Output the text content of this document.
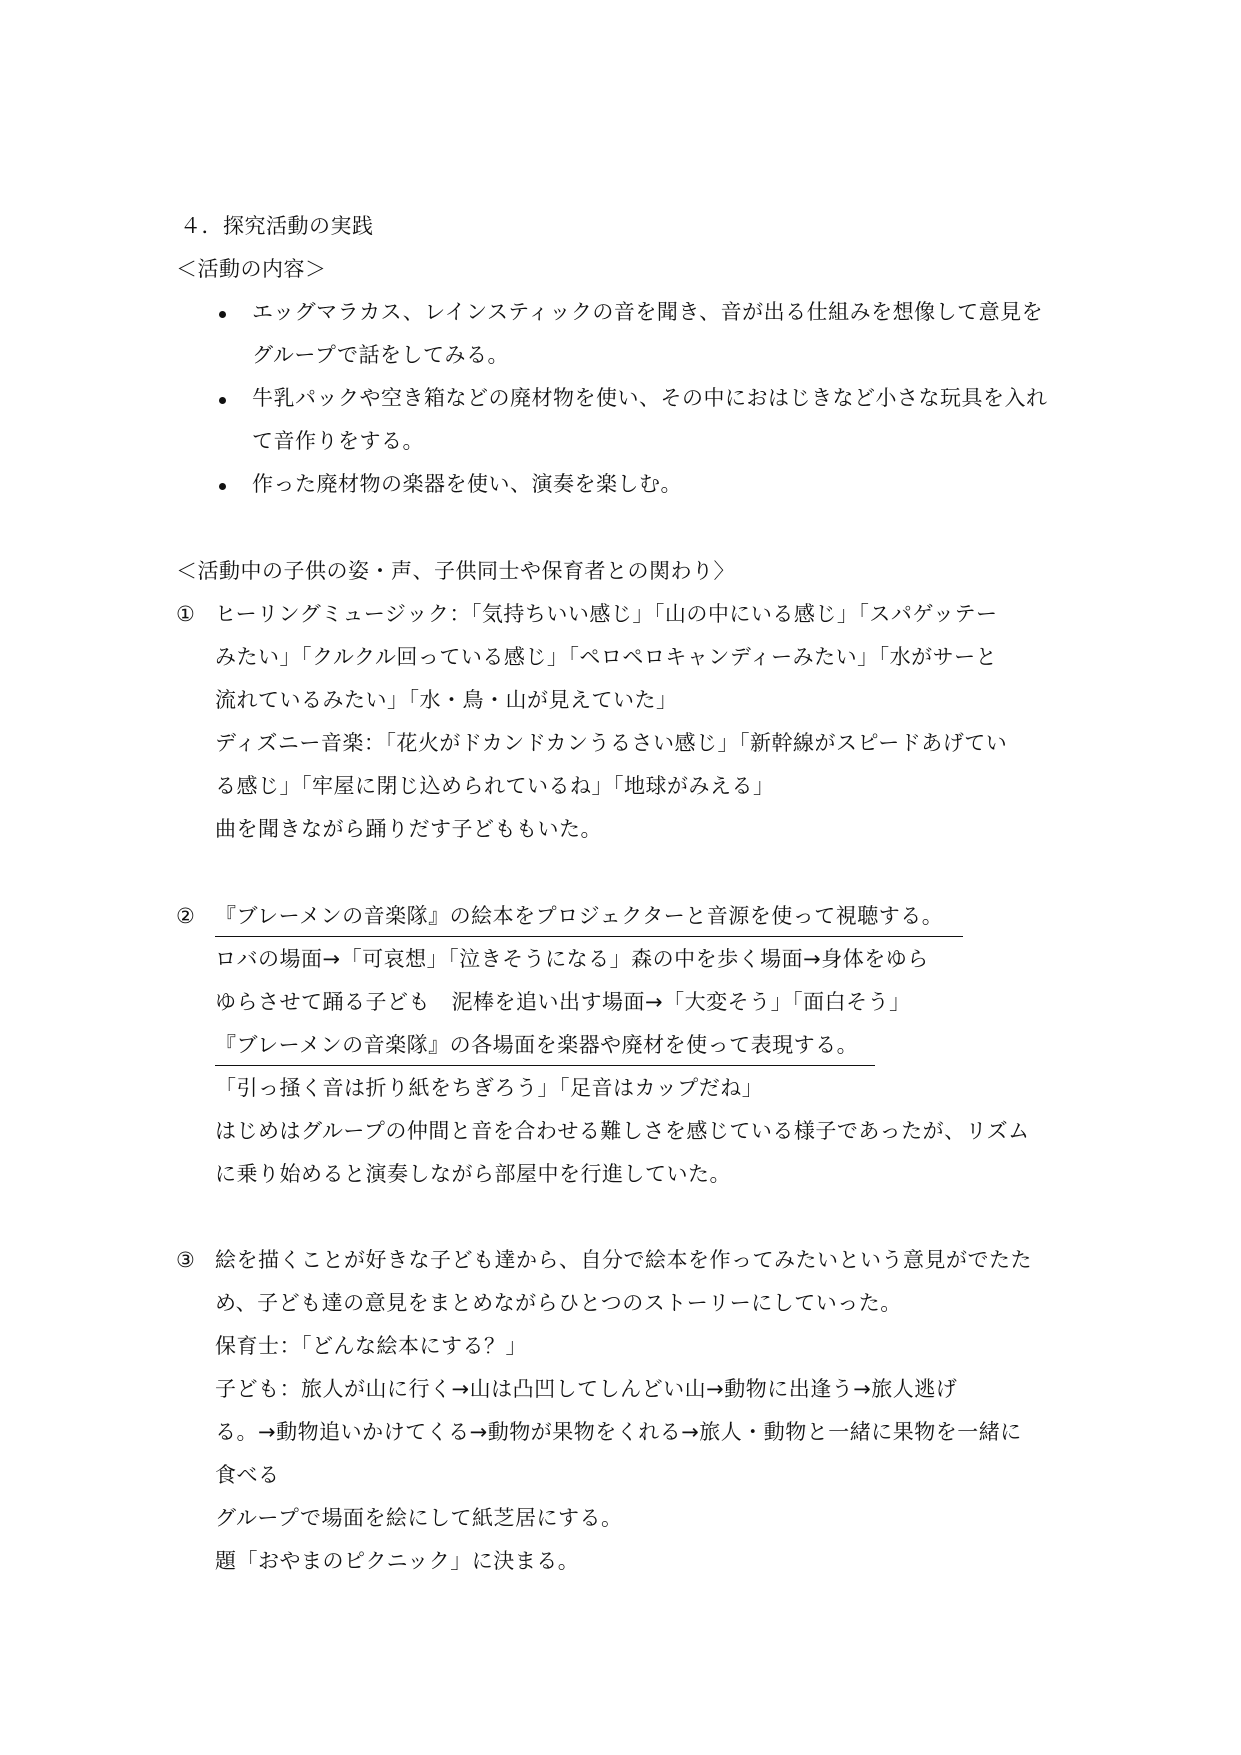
４．探究活動の実践
＜活動の内容＞
エッグマラカス、レインスティックの音を聞き、音が出る仕組みを想像して意見を
グループで話をしてみる。
牛乳パックや空き箱などの廃材物を使い、その中におはじきなど小さな玩具を入れ
て音作りをする。
作った廃材物の楽器を使い、演奏を楽しむ。
＜活動中の子供の姿・声、子供同士や保育者との関わり〉
① ヒーリングミュージック：「気持ちいい感じ」「山の中にいる感じ」「スパゲッテー
みたい」「クルクル回っている感じ」「ペロペロキャンディーみたい」「水がサーと
流れているみたい」「水・鳥・山が見えていた」
ディズニー音楽：「花火がドカンドカンうるさい感じ」「新幹線がスピードあげてい
る感じ」「牢屋に閉じ込められているね」「地球がみえる」
曲を聞きながら踊りだす子どももいた。
② 『ブレーメンの音楽隊』の絵本をプロジェクターと音源を使って視聴する。
ロバの場面→「可哀想」「泣きそうになる」森の中を歩く場面→身体をゆら
ゆらさせて踊る子ども　泥棒を追い出す場面→「大変そう」「面白そう」
『ブレーメンの音楽隊』の各場面を楽器や廃材を使って表現する。
「引っ掻く音は折り紙をちぎろう」「足音はカップだね」
はじめはグループの仲間と音を合わせる難しさを感じている様子であったが、リズム
に乗り始めると演奏しながら部屋中を行進していた。
③ 絵を描くことが好きな子ども達から、自分で絵本を作ってみたいという意見がでたた
め、子ども達の意見をまとめながらひとつのストーリーにしていった。
保育士：「どんな絵本にする？」
子ども：旅人が山に行く→山は凸凹してしんどい山→動物に出逢う→旅人逃げ
る。→動物追いかけてくる→動物が果物をくれる→旅人・動物と一緒に果物を一緒に
食べる
グループで場面を絵にして紙芝居にする。
題「おやまのピクニック」に決まる。
